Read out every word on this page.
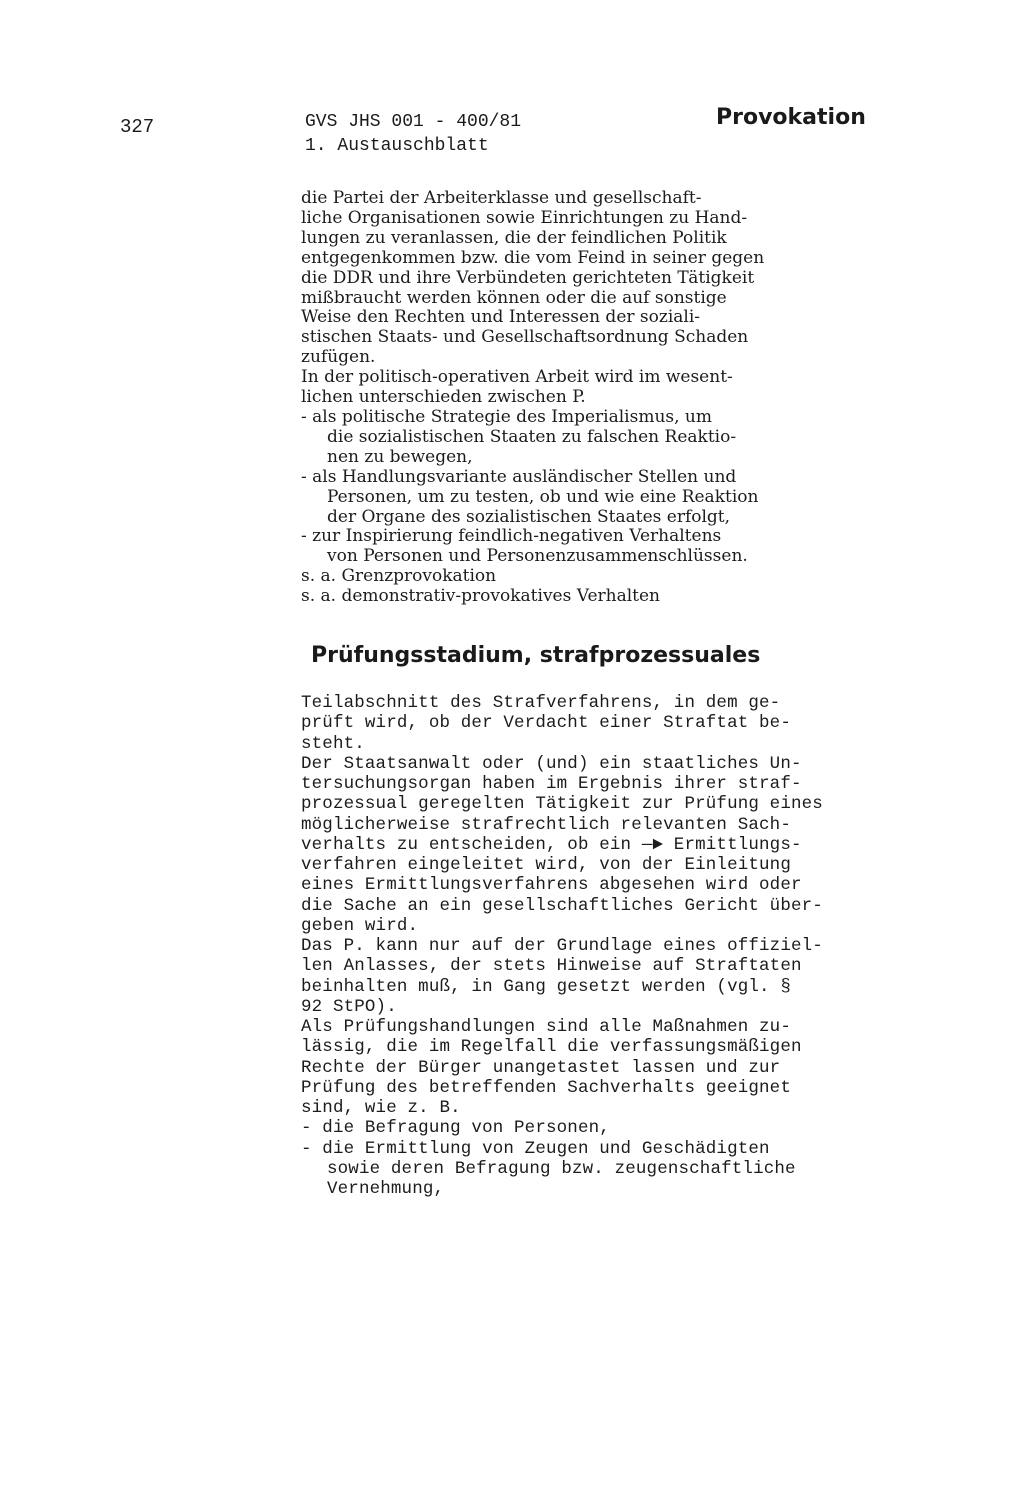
327	GVS JHS 001 - 400/81
1. Austauschblatt
Provokation
die Partei der Arbeiterklasse und gesellschaft-
liche Organisationen sowie Einrichtungen zu Hand-
lungen zu veranlassen, die der feindlichen Politik
entgegenkommen bzw. die vom Feind in seiner gegen
die DDR und ihre Verbündeten gerichteten Tätigkeit
mißbraucht werden können oder die auf sonstige
Weise den Rechten und Interessen der soziali-
stischen Staats- und Gesellschaftsordnung Schaden
zufügen.
In der politisch-operativen Arbeit wird im wesent-
lichen unterschieden zwischen P.
- als politische Strategie des Imperialismus, um
die sozialistischen Staaten zu falschen Reaktio-
nen zu bewegen,
- als Handlungsvariante ausländischer Stellen und
Personen, um zu testen, ob und wie eine Reaktion
der Organe des sozialistischen Staates erfolgt,
- zur Inspirierung feindlich-negativen Verhaltens
von Personen und Personenzusammenschlüssen.
s. a. Grenzprovokation
s. a. demonstrativ-provokatives Verhalten
Prüfungsstadium, strafprozessuales
Teilabschnitt des Strafverfahrens, in dem ge-
prüft wird, ob der Verdacht einer Straftat be-
steht.
Der Staatsanwalt oder (und) ein staatliches Un-
tersuchungsorgan haben im Ergebnis ihrer straf-
prozessual geregelten Tätigkeit zur Prüfung eines
möglicherweise strafrechtlich relevanten Sach-
verhalts zu entscheiden, ob ein —► Ermittlungs-
verfahren eingeleitet wird, von der Einleitung
eines Ermittlungsverfahrens abgesehen wird oder
die Sache an ein gesellschaftliches Gericht über-
geben wird.
Das P. kann nur auf der Grundlage eines offiziel-
len Anlasses, der stets Hinweise auf Straftaten
beinhalten muß, in Gang gesetzt werden (vgl. §
92 StPO).
Als Prüfungshandlungen sind alle Maßnahmen zu-
lässig, die im Regelfall die verfassungsmäßigen
Rechte der Bürger unangetastet lassen und zur
Prüfung des betreffenden Sachverhalts geeignet
sind, wie z. B.
- die Befragung von Personen,
- die Ermittlung von Zeugen und Geschädigten
sowie deren Befragung bzw. zeugenschaftliche
Vernehmung,
